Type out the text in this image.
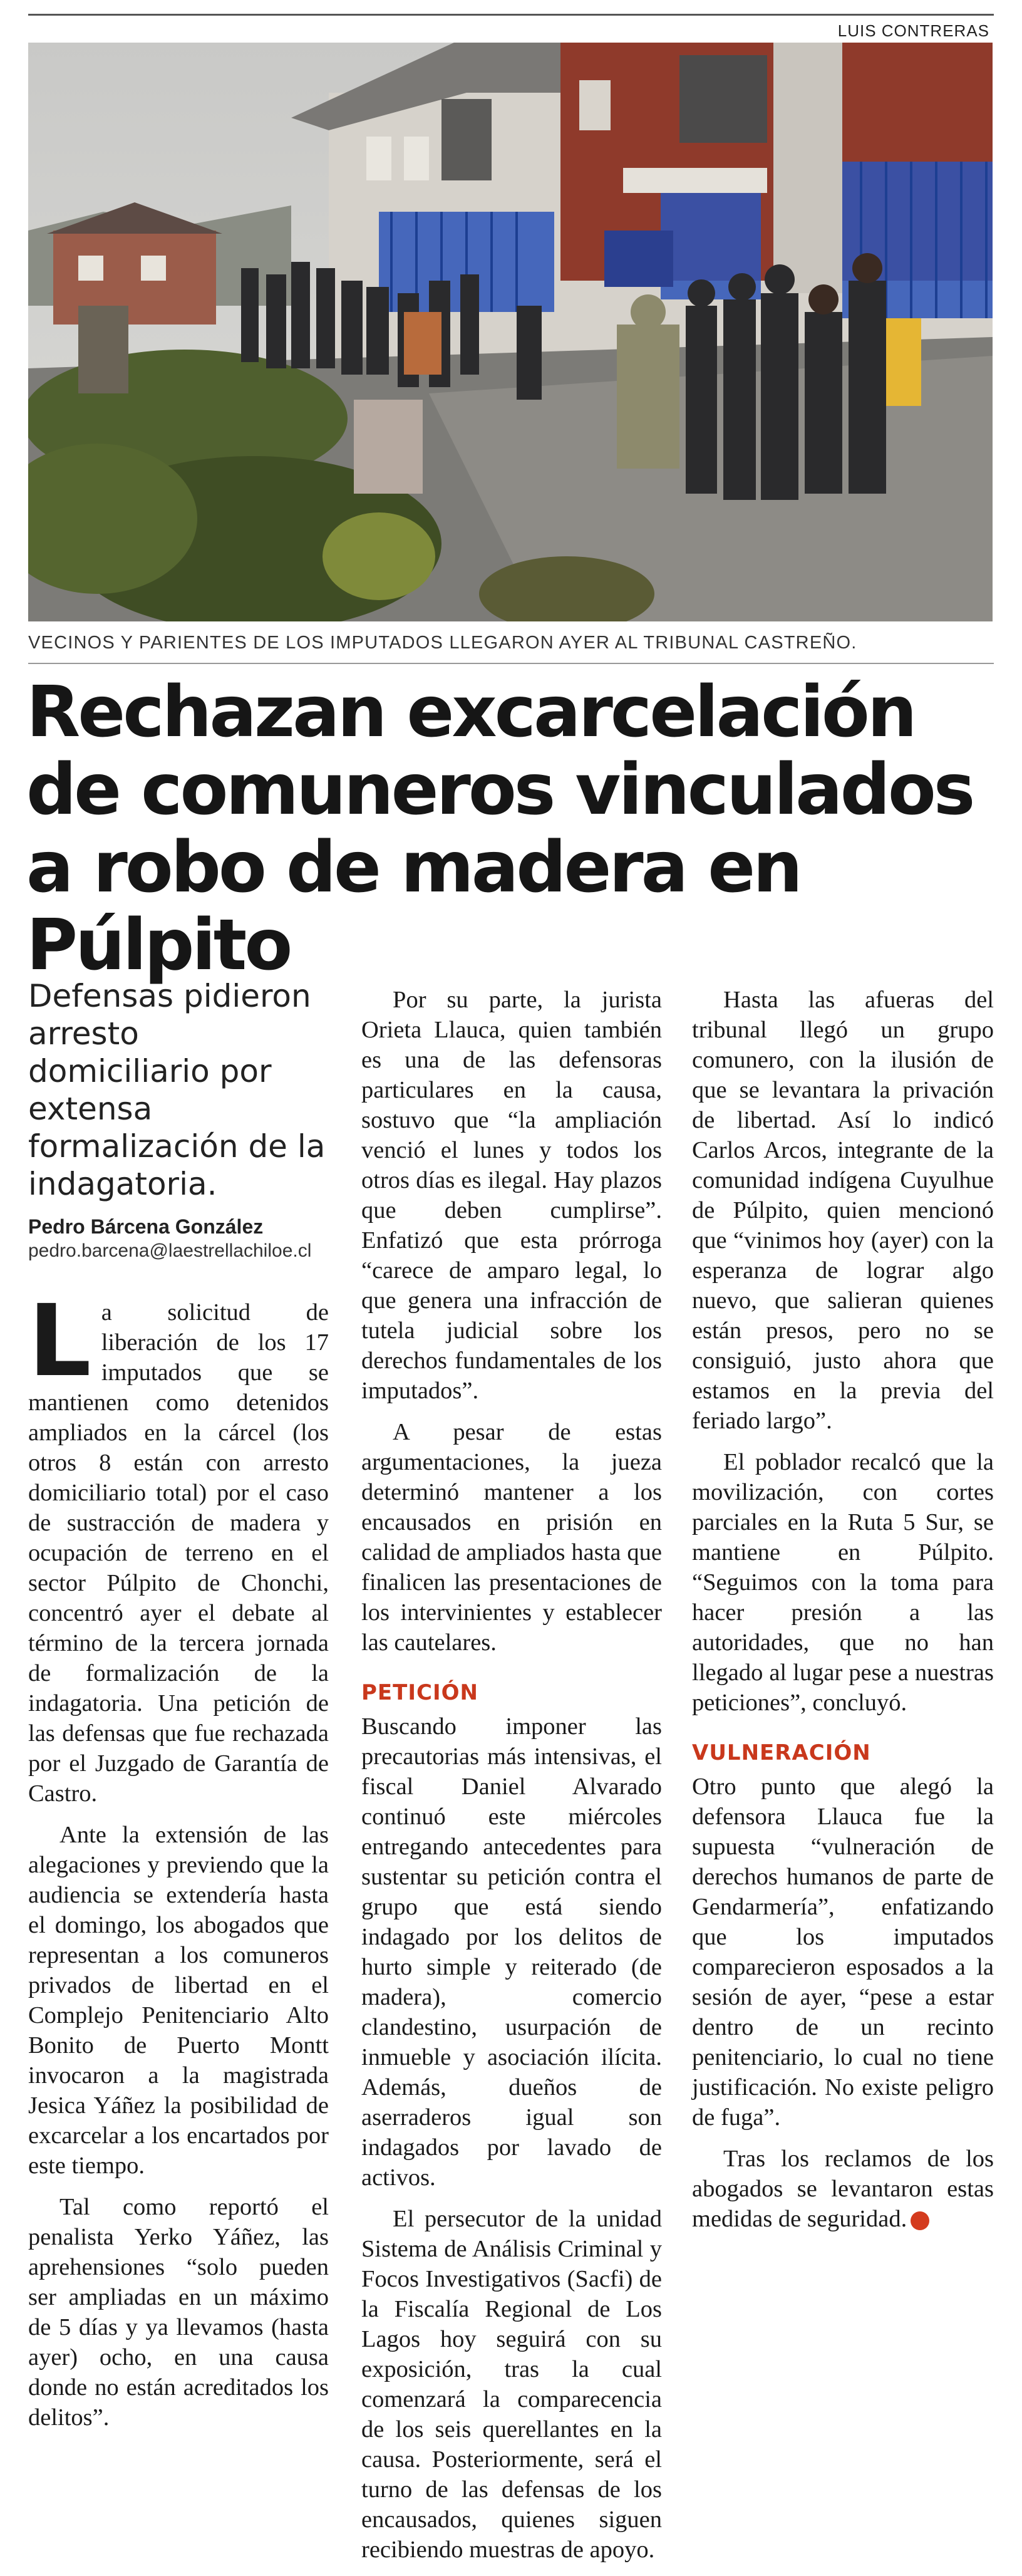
LUIS CONTRERAS
VECINOS Y PARIENTES DE LOS IMPUTADOS LLEGARON AYER AL TRIBUNAL CASTREÑO.
Rechazan excarcelación de comuneros vinculados a robo de madera en Púlpito

Defensas pidieron arresto domiciliario por extensa formalización de la indagatoria.

Pedro Bárcena González
pedro.barcena@laestrellachiloe.cl

La solicitud de liberación de los 17 imputados que se mantienen como detenidos ampliados en la cárcel (los otros 8 están con arresto domiciliario total) por el caso de sustracción de madera y ocupación de terreno en el sector Púlpito de Chonchi, concentró ayer el debate al término de la tercera jornada de formalización de la indagatoria. Una petición de las defensas que fue rechazada por el Juzgado de Garantía de Castro.

Ante la extensión de las alegaciones y previendo que la audiencia se extendería hasta el domingo, los abogados que representan a los comuneros privados de libertad en el Complejo Penitenciario Alto Bonito de Puerto Montt invocaron a la magistrada Jesica Yáñez la posibilidad de excarcelar a los encartados por este tiempo.

Tal como reportó el penalista Yerko Yáñez, las aprehensiones “solo pueden ser ampliadas en un máximo de 5 días y ya llevamos (hasta ayer) ocho, en una causa donde no están acreditados los delitos”.

Por su parte, la jurista Orieta Llauca, quien también es una de las defensoras particulares en la causa, sostuvo que “la ampliación venció el lunes y todos los otros días es ilegal. Hay plazos que deben cumplirse”. Enfatizó que esta prórroga “carece de amparo legal, lo que genera una infracción de tutela judicial sobre los derechos fundamentales de los imputados”.

A pesar de estas argumentaciones, la jueza determinó mantener a los encausados en prisión en calidad de ampliados hasta que finalicen las presentaciones de los intervinientes y establecer las cautelares.

PETICIÓN

Buscando imponer las precautorias más intensivas, el fiscal Daniel Alvarado continuó este miércoles entregando antecedentes para sustentar su petición contra el grupo que está siendo indagado por los delitos de hurto simple y reiterado (de madera), comercio clandestino, usurpación de inmueble y asociación ilícita. Además, dueños de aserraderos igual son indagados por lavado de activos.

El persecutor de la unidad Sistema de Análisis Criminal y Focos Investigativos (Sacfi) de la Fiscalía Regional de Los Lagos hoy seguirá con su exposición, tras la cual comenzará la comparecencia de los seis querellantes en la causa. Posteriormente, será el turno de las defensas de los encausados, quienes siguen recibiendo muestras de apoyo.

Hasta las afueras del tribunal llegó un grupo comunero, con la ilusión de que se levantara la privación de libertad. Así lo indicó Carlos Arcos, integrante de la comunidad indígena Cuyulhue de Púlpito, quien mencionó que “vinimos hoy (ayer) con la esperanza de lograr algo nuevo, que salieran quienes están presos, pero no se consiguió, justo ahora que estamos en la previa del feriado largo”.

El poblador recalcó que la movilización, con cortes parciales en la Ruta 5 Sur, se mantiene en Púlpito. “Seguimos con la toma para hacer presión a las autoridades, que no han llegado al lugar pese a nuestras peticiones”, concluyó.

VULNERACIÓN

Otro punto que alegó la defensora Llauca fue la supuesta “vulneración de derechos humanos de parte de Gendarmería”, enfatizando que los imputados comparecieron esposados a la sesión de ayer, “pese a estar dentro de un recinto penitenciario, lo cual no tiene justificación. No existe peligro de fuga”.

Tras los reclamos de los abogados se levantaron estas medidas de seguridad. ✪
